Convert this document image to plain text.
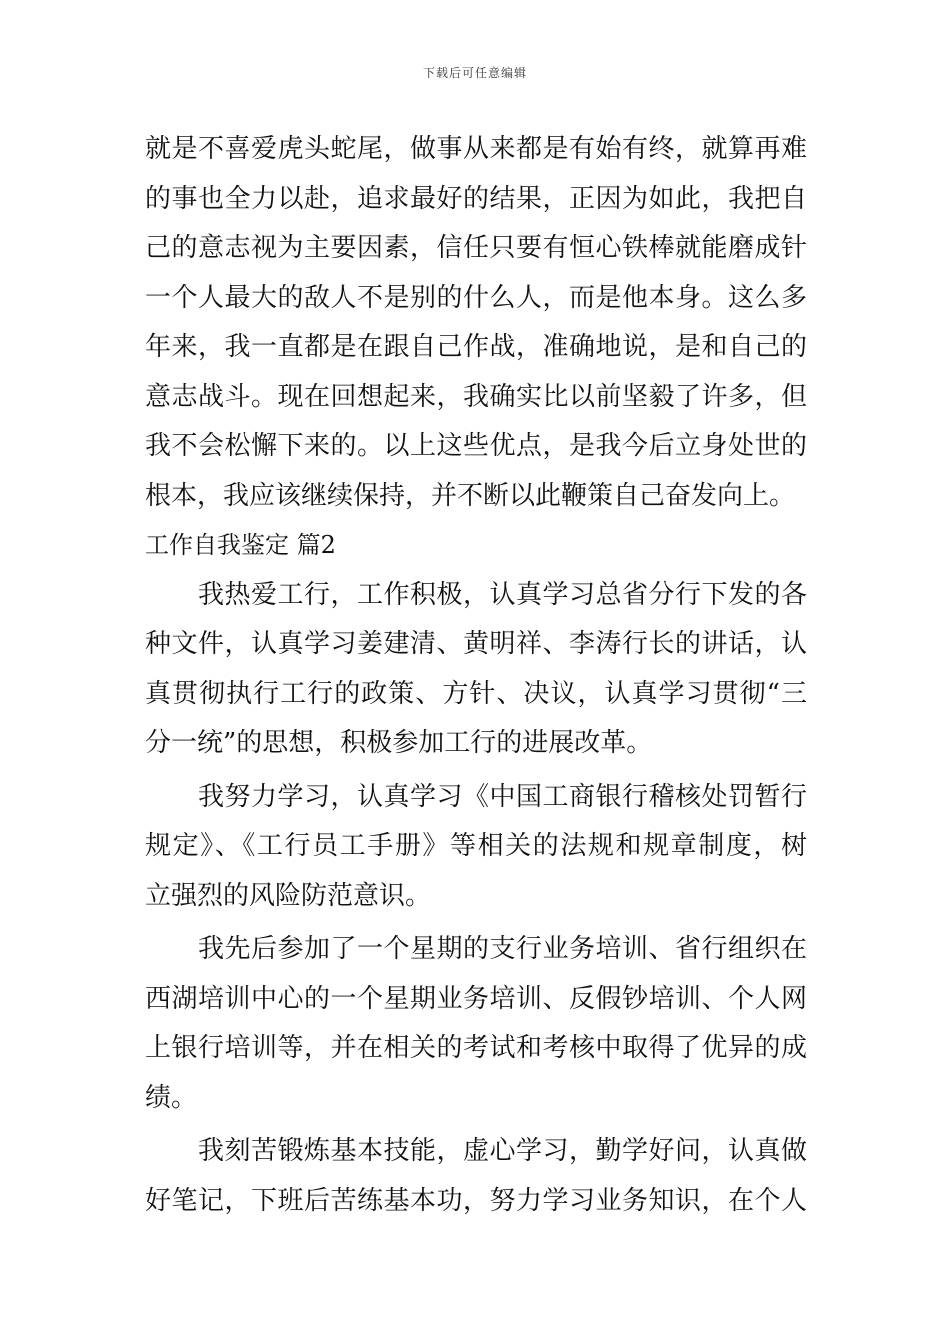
下载后可任意编辑
就是不喜爱虎头蛇尾，做事从来都是有始有终，就算再难
的事也全力以赴，追求最好的结果，正因为如此，我把自
己的意志视为主要因素，信任只要有恒心铁棒就能磨成针
一个人最大的敌人不是别的什么人，而是他本身。这么多
年来，我一直都是在跟自己作战，准确地说，是和自己的
意志战斗。现在回想起来，我确实比以前坚毅了许多，但
我不会松懈下来的。以上这些优点，是我今后立身处世的
根本，我应该继续保持，并不断以此鞭策自己奋发向上。
工作自我鉴定 篇2
我热爱工行，工作积极，认真学习总省分行下发的各
种文件，认真学习姜建清、黄明祥、李涛行长的讲话，认
真贯彻执行工行的政策、方针、决议，认真学习贯彻“三
分一统”的思想，积极参加工行的进展改革。
我努力学习，认真学习《中国工商银行稽核处罚暂行
规定》、《工行员工手册》等相关的法规和规章制度，树
立强烈的风险防范意识。
我先后参加了一个星期的支行业务培训、省行组织在
西湖培训中心的一个星期业务培训、反假钞培训、个人网
上银行培训等，并在相关的考试和考核中取得了优异的成
绩。
我刻苦锻炼基本技能，虚心学习，勤学好问，认真做
好笔记，下班后苦练基本功，努力学习业务知识，在个人
